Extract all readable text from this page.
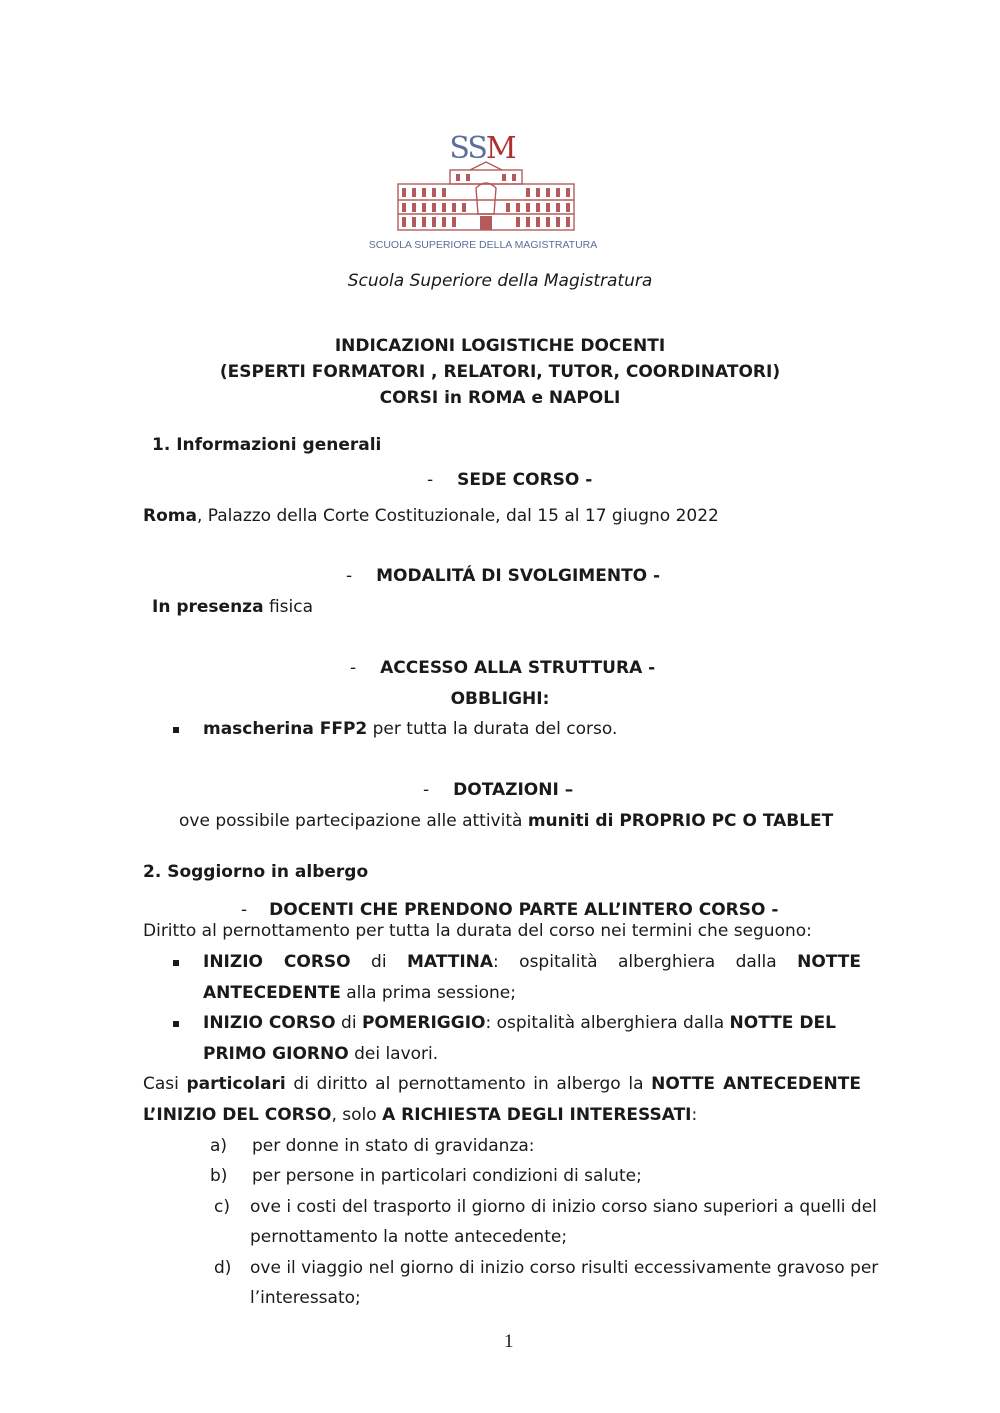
SSM
SCUOLA SUPERIORE DELLA MAGISTRATURA
Scuola Superiore della Magistratura
INDICAZIONI LOGISTICHE DOCENTI
(ESPERTI FORMATORI , RELATORI, TUTOR, COORDINATORI)
CORSI in ROMA e NAPOLI
1. Informazioni generali
- SEDE CORSO -
Roma, Palazzo della Corte Costituzionale, dal 15 al 17 giugno 2022
- MODALITÁ DI SVOLGIMENTO -
In presenza fisica
- ACCESSO ALLA STRUTTURA -
OBBLIGHI:
mascherina FFP2 per tutta la durata del corso.
- DOTAZIONI –
ove possibile partecipazione alle attività muniti di PROPRIO PC O TABLET
2. Soggiorno in albergo
- DOCENTI CHE PRENDONO PARTE ALL’INTERO CORSO -
Diritto al pernottamento per tutta la durata del corso nei termini che seguono:
INIZIO CORSO di MATTINA: ospitalità alberghiera dalla NOTTE
ANTECEDENTE alla prima sessione;
INIZIO CORSO di POMERIGGIO: ospitalità alberghiera dalla NOTTE DEL
PRIMO GIORNO dei lavori.
Casi particolari di diritto al pernottamento in albergo la NOTTE ANTECEDENTE
L’INIZIO DEL CORSO, solo A RICHIESTA DEGLI INTERESSATI:
a) per donne in stato di gravidanza:
b) per persone in particolari condizioni di salute;
c) ove i costi del trasporto il giorno di inizio corso siano superiori a quelli del
pernottamento la notte antecedente;
d) ove il viaggio nel giorno di inizio corso risulti eccessivamente gravoso per
l’interessato;
1
